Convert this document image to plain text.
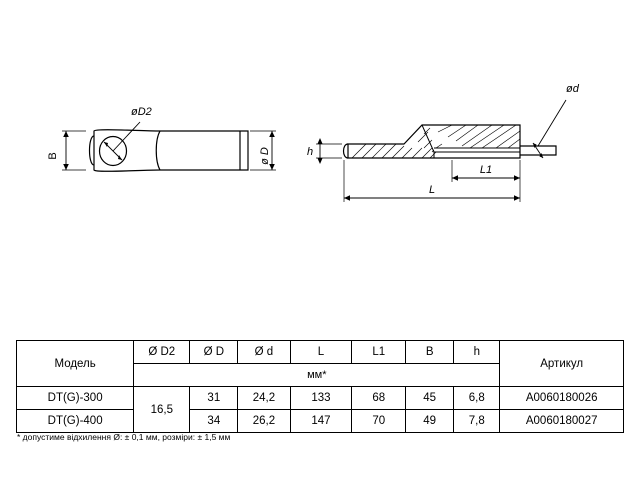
øD2
B	ø D	h
ød
L1
L
Модель	Ø D2	Ø D	Ø d	L	L1	B	h	Артикул
	мм*							
DT(G)-300	16,5	31	24,2	133	68	45	6,8	A0060180026
DT(G)-400		34	26,2	147	70	49	7,8	A0060180027
* допустиме відхилення Ø: ± 0,1 мм, розміри: ± 1,5 мм
